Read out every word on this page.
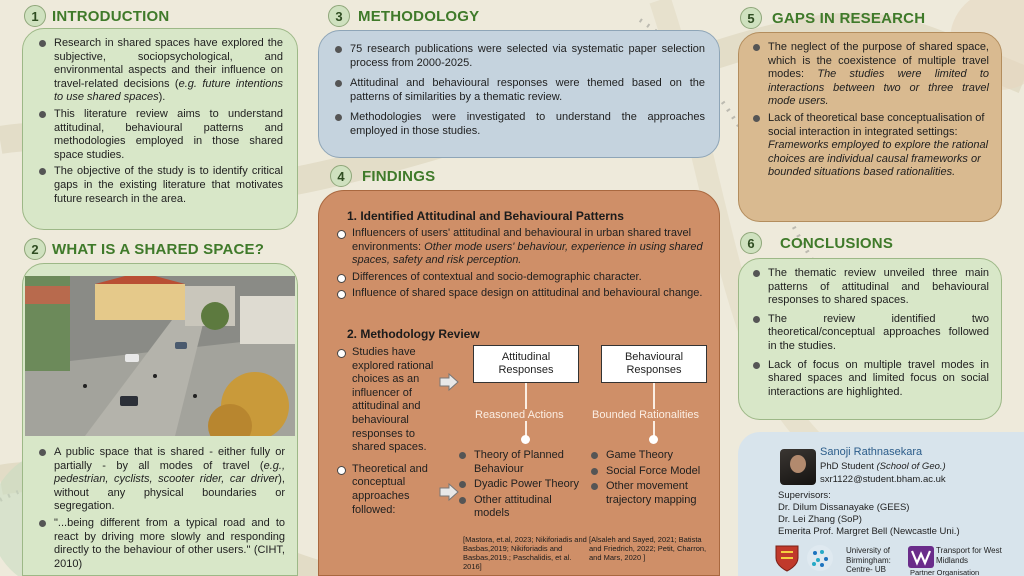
1 INTRODUCTION
Research in shared spaces have explored the subjective, sociopsychological, and environmental aspects and their influence on travel-related decisions (e.g. future intentions to use shared spaces).
This literature review aims to understand attitudinal, behavioural patterns and methodologies employed in those shared space studies.
The objective of the study is to identify critical gaps in the existing literature that motivates future research in the area.
2 WHAT IS A SHARED SPACE?
A public space that is shared - either fully or partially - by all modes of travel (e.g., pedestrian, cyclists, scooter rider, car driver), without any physical boundaries or segregation.
"...being different from a typical road and to react by driving more slowly and responding directly to the behaviour of other users." (CIHT, 2010)
3	METHODOLOGY
75 research publications were selected via systematic paper selection process from 2000-2025.
Attitudinal and behavioural responses were themed based on the patterns of similarities by a thematic review.
Methodologies were investigated to understand the approaches employed in those studies.
4	FINDINGS
1. Identified Attitudinal and Behavioural Patterns
Influencers of users' attitudinal and behavioural in urban shared travel environments: Other mode users' behaviour, experience in using shared spaces, safety and risk perception.
Differences of contextual and socio-demographic character.
Influence of shared space design on attitudinal and behavioural change.
2. Methodology Review
Studies have explored rational choices as an influencer of attitudinal and behavioural responses to shared spaces.
Theoretical and conceptual approaches followed:
Attitudinal Responses
Behavioural Responses
Reasoned Actions	Bounded Rationalities
Theory of Planned Behaviour
Dyadic Power Theory
Other attitudinal models
Game Theory
Social Force Model
Other movement trajectory mapping
[Mastora, et.al, 2023; Nikiforiadis and Basbas,2019; Nikiforiadis and Basbas,2019.; Paschalidis, et al. 2016]
[Alsaleh and Sayed, 2021; Batista and Friedrich, 2022; Petit, Charron, and Mars, 2020 ]
5	GAPS IN RESEARCH
The neglect of the purpose of shared space, which is the coexistence of multiple travel modes: The studies were limited to interactions between two or three travel mode users.
Lack of theoretical base conceptualisation of social interaction in integrated settings: Frameworks employed to explore the rational choices are individual causal frameworks or bounded situations based rationalities.
6	CONCLUSIONS
The thematic review unveiled three main patterns of attitudinal and behavioural responses to shared spaces.
The review identified two theoretical/conceptual approaches followed in the studies.
Lack of focus on multiple travel modes in shared spaces and limited focus on social interactions are highlighted.
Sanoji Rathnasekara
PhD Student (School of Geo.)
sxr1122@student.bham.ac.uk
Supervisors:
Dr. Dilum Dissanayake (GEES)
Dr. Lei Zhang (SoP)
Emerita Prof. Margret Bell (Newcastle Uni.)
University of Birmingham: Centre- UB
Transport for West Midlands
Partner Organisation
